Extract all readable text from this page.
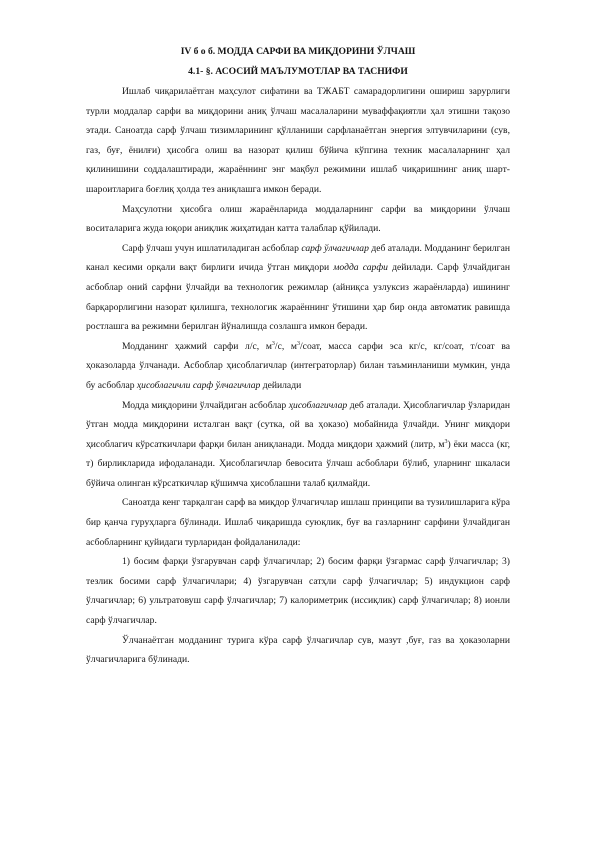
IV б о б. МОДДА САРФИ ВА МИҚДОРИНИ ЎЛЧАШ
4.1- §. АСОСИЙ МАЪЛУМОТЛАР ВА ТАСНИФИ

Ишлаб чиқарилаётган маҳсулот сифатини ва ТЖАБТ самарадорлигини ошириш зарурлиги турли моддалар сарфи ва миқдорини аниқ ўлчаш масалаларини муваффақиятли ҳал этишни тақозо этади. Саноатда сарф ўлчаш тизимларининг қўлланиши сарфланаётган энергия элтувчиларини (сув, газ, буғ, ёнилғи) ҳисобга олиш ва назорат қилиш бўйича кўпгина техник масалаларнинг ҳал қилинишини соддалаштиради, жараённинг энг мақбул режимини ишлаб чиқаришнинг аниқ шарт-шароитларига боғлиқ ҳолда тез аниқлашга имкон беради.

Маҳсулотни ҳисобга олиш жараёнларида моддаларнинг сарфи ва миқдорини ўлчаш воситаларига жуда юқори аниқлик жиҳатидан катта талаблар қўйилади.

Сарф ўлчаш учун ишлатиладиган асбоблар сарф ўлчагичлар деб аталади. Модданинг берилган канал кесими орқали вақт бирлиги ичида ўтган миқдори модда сарфи дейилади. Сарф ўлчайдиган асбоблар оний сарфни ўлчайди ва технологик режимлар (айниқса узлуксиз жараёнларда) ишининг барқарорлигини назорат қилишга, технологик жараённинг ўтишини ҳар бир онда автоматик равишда ростлашга ва режимни берилган йўналишда созлашга имкон беради.

Модданинг ҳажмий сарфи л/с, $м^3/с$, $м^3$/соат, масса сарфи эса кг/с, кг/соат, т/соат ва ҳоказоларда ўлчанади. Асбоблар ҳисоблагичлар (интеграторлар) билан таъминланиши мумкин, унда бу асбоблар ҳисоблагичли сарф ўлчагичлар дейилади

Модда миқдорини ўлчайдиган асбоблар ҳисоблагичлар деб аталади. Ҳисоблагичлар ўзларидан ўтган модда миқдорини исталган вақт (сутка, ой ва ҳоказо) мобайнида ўлчайди. Унинг миқдори ҳисоблагич кўрсаткичлари фарқи билан аниқланади. Модда миқдори ҳажмий (литр, $м^3$) ёки масса (кг, т) бирликларида ифодаланади. Ҳисоблагичлар бевосита ўлчаш асбоблари бўлиб, уларнинг шкаласи бўйича олинган кўрсаткичлар қўшимча ҳисоблашни талаб қилмайди.

Саноатда кенг тарқалган сарф ва миқдор ўлчагичлар ишлаш принципи ва тузилишларига кўра бир қанча гуруҳларга бўлинади. Ишлаб чиқаришда суюқлик, буғ ва газларнинг сарфини ўлчайдиган асбобларнинг қуйидаги турларидан фойдаланилади:

1) босим фарқи ўзгарувчан сарф ўлчагичлар; 2) босим фарқи ўзгармас сарф ўлчагичлар; 3) тезлик босими сарф ўлчагичлари; 4) ўзгарувчан сатҳли сарф ўлчагичлар; 5) индукцион сарф ўлчагичлар; 6) ультратовуш сарф ўлчагичлар; 7) калориметрик (иссиқлик) сарф ўлчагичлар; 8) ионли сарф ўлчагичлар.

Ўлчанаётган модданинг турига кўра сарф ўлчагичлар сув, мазут ,буғ, газ ва ҳоказоларни ўлчагичларига бўлинади.
